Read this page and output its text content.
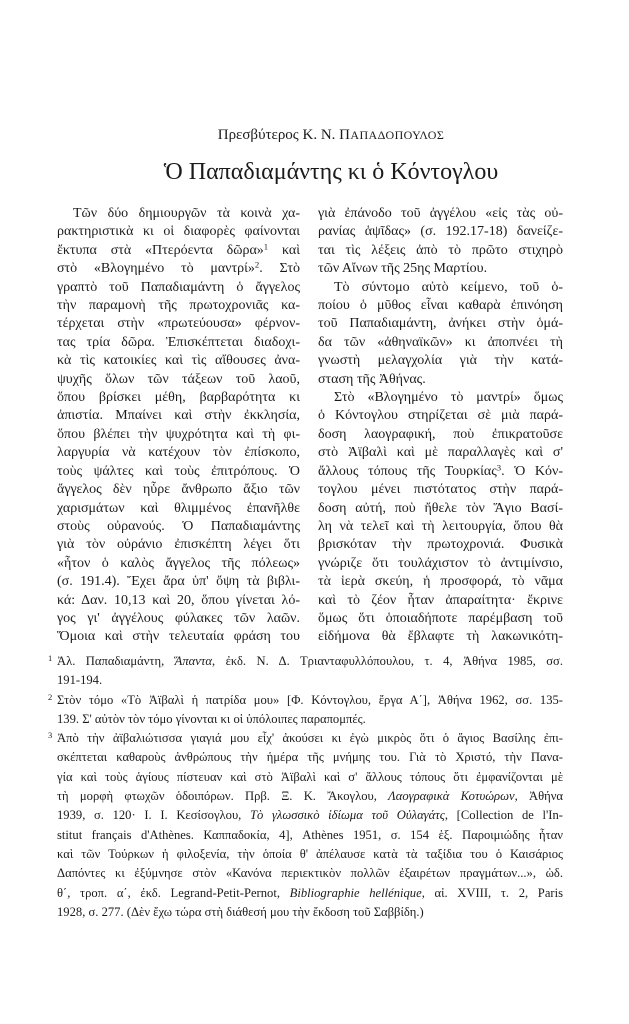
Πρεσβύτερος Κ. Ν. ΠΑΠΑΔΟΠΟΥΛΟΣ
Ὁ Παπαδιαμάντης κι ὁ Κόντογλου
Τῶν δύο δημιουργῶν τὰ κοινὰ χα-
ρακτηριστικὰ κι οἱ διαφορὲς φαίνονται
ἔκτυπα στὰ «Πτερόεντα δῶρα»$^1$ καὶ
στὸ «Βλογημένο τὸ μαντρί»$^2$. Στὸ
γραπτὸ τοῦ Παπαδιαμάντη ὁ ἄγγελος
τὴν παραμονὴ τῆς πρωτοχρονιᾶς κα-
τέρχεται στὴν «πρωτεύουσα» φέρνον-
τας τρία δῶρα. Ἐπισκέπτεται διαδοχι-
κὰ τὶς κατοικίες καὶ τὶς αἴθουσες ἀνα-
ψυχῆς ὅλων τῶν τάξεων τοῦ λαοῦ,
ὅπου βρίσκει μέθη, βαρβαρότητα κι
ἀπιστία. Μπαίνει καὶ στὴν ἐκκλησία,
ὅπου βλέπει τὴν ψυχρότητα καὶ τὴ φι-
λαργυρία νὰ κατέχουν τὸν ἐπίσκοπο,
τοὺς ψάλτες καὶ τοὺς ἐπιτρόπους. Ὁ
ἄγγελος δὲν ηὗρε ἄνθρωπο ἄξιο τῶν
χαρισμάτων καὶ θλιμμένος ἐπανῆλθε
στοὺς οὐρανούς. Ὁ Παπαδιαμάντης
γιὰ τὸν οὐράνιο ἐπισκέπτη λέγει ὅτι
«ἦτον ὁ καλὸς ἄγγελος τῆς πόλεως»
(σ. 191.4). Ἔχει ἄρα ὑπ' ὄψη τὰ βιβλι-
κά: Δαν. 10,13 καὶ 20, ὅπου γίνεται λό-
γος γι' ἀγγέλους φύλακες τῶν λαῶν.
Ὅμοια καὶ στὴν τελευταία φράση του
γιὰ ἐπάνοδο τοῦ ἀγγέλου «εἰς τὰς οὐ-
ρανίας ἁψῖδας» (σ. 192.17-18) δανείζε-
ται τὶς λέξεις ἀπὸ τὸ πρῶτο στιχηρὸ
τῶν Αἴνων τῆς 25ης Μαρτίου.
Τὸ σύντομο αὐτὸ κείμενο, τοῦ ὁ-
ποίου ὁ μῦθος εἶναι καθαρὰ ἐπινόηση
τοῦ Παπαδιαμάντη, ἀνήκει στὴν ὁμά-
δα τῶν «ἀθηναϊκῶν» κι ἀποπνέει τὴ
γνωστὴ μελαγχολία γιὰ τὴν κατά-
σταση τῆς Ἀθήνας.
Στὸ «Βλογημένο τὸ μαντρί» ὅμως
ὁ Κόντογλου στηρίζεται σὲ μιὰ παρά-
δοση λαογραφική, ποὺ ἐπικρατοῦσε
στὸ Ἀϊβαλὶ καὶ μὲ παραλλαγὲς καὶ σ'
ἄλλους τόπους τῆς Τουρκίας$^3$. Ὁ Κόν-
τογλου μένει πιστότατος στὴν παρά-
δοση αὐτή, ποὺ ἤθελε τὸν Ἅγιο Βασί-
λη νὰ τελεῖ καὶ τὴ λειτουργία, ὅπου θὰ
βρισκόταν τὴν πρωτοχρονιά. Φυσικὰ
γνώριζε ὅτι τουλάχιστον τὸ ἀντιμίνσιο,
τὰ ἱερὰ σκεύη, ἡ προσφορά, τὸ νᾶμα
καὶ τὸ ζέον ἦταν ἀπαραίτητα· ἔκρινε
ὅμως ὅτι ὁποιαδήποτε παρέμβαση τοῦ
εἰδήμονα θὰ ἔβλαφτε τὴ λακωνικότη-
1 Ἀλ. Παπαδιαμάντη, Ἅπαντα, ἐκδ. Ν. Δ. Τριανταφυλλόπουλου, τ. 4, Ἀθήνα 1985, σσ.
191-194.
2 Στὸν τόμο «Τὸ Ἀϊβαλὶ ἡ πατρίδα μου» [Φ. Κόντογλου, ἔργα Α΄], Ἀθήνα 1962, σσ. 135-
139. Σ' αὐτὸν τὸν τόμο γίνονται κι οἱ ὑπόλοιπες παραπομπές.
3 Ἀπὸ τὴν ἀϊβαλιώτισσα γιαγιά μου εἶχ' ἀκούσει κι ἐγὼ μικρὸς ὅτι ὁ ἅγιος Βασίλης ἐπι-
σκέπτεται καθαροὺς ἀνθρώπους τὴν ἡμέρα τῆς μνήμης του. Γιὰ τὸ Χριστό, τὴν Πανα-
γία καὶ τοὺς ἁγίους πίστευαν καὶ στὸ Ἀϊβαλὶ καὶ σ' ἄλλους τόπους ὅτι ἐμφανίζονται μὲ
τὴ μορφὴ φτωχῶν ὁδοιπόρων. Πρβ. Ξ. Κ. Ἄκογλου, Λαογραφικὰ Κοτυώρων, Ἀθήνα
1939, σ. 120· Ι. Ι. Κεσίσογλου, Τὸ γλωσσικὸ ἰδίωμα τοῦ Οὐλαγάτς, [Collection de l'In-
stitut français d'Athènes. Καππαδοκία, 4], Athènes 1951, σ. 154 ἑξ. Παροιμιώδης ἦταν
καὶ τῶν Τούρκων ἡ φιλοξενία, τὴν ὁποία θ' ἀπέλαυσε κατὰ τὰ ταξίδια του ὁ Καισάριος
Δαπόντες κι ἐξύμνησε στὸν «Κανόνα περιεκτικὸν πολλῶν ἐξαιρέτων πραγμάτων...», ὠδ.
θ΄, τροπ. α΄, ἐκδ. Legrand-Petit-Pernot, Bibliographie hellénique, αἰ. XVIII, τ. 2, Paris
1928, σ. 277. (Δὲν ἔχω τώρα στὴ διάθεσή μου τὴν ἔκδοση τοῦ Σαββίδη.)
